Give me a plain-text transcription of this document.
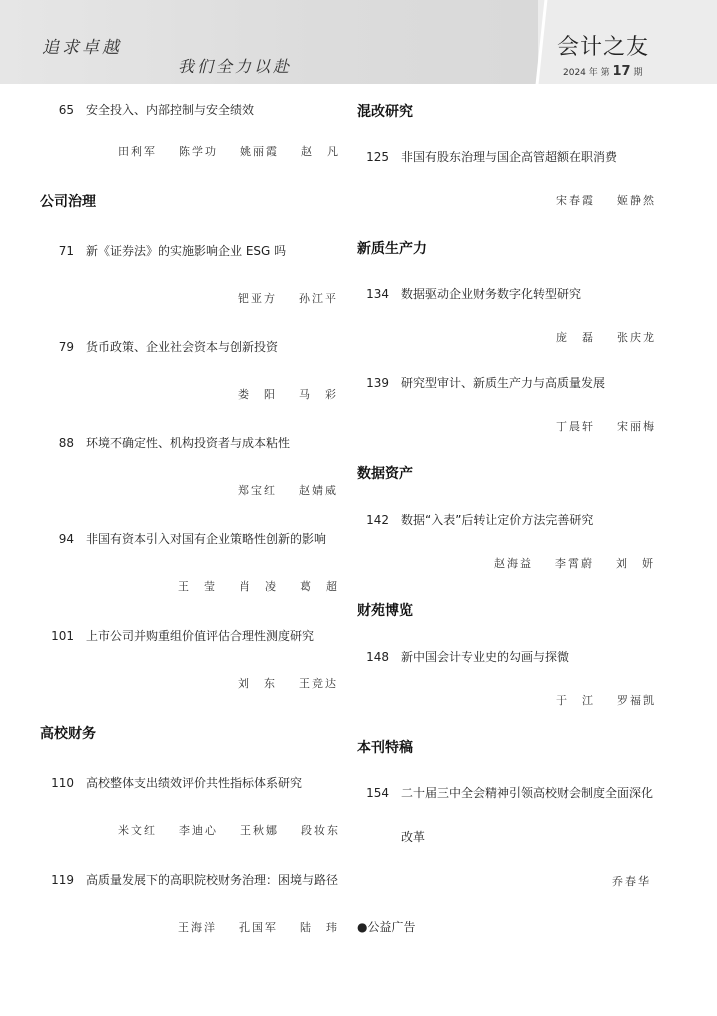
追求卓越
我们全力以赴
会计之友
2024 年 第 17 期
65 安全投入、内部控制与安全绩效
田利军 陈学功 姚丽霞 赵　凡
公司治理
71 新《证券法》的实施影响企业 ESG 吗
钯亚方 孙江平
79 货币政策、企业社会资本与创新投资
娄　阳 马　彩
88 环境不确定性、机构投资者与成本粘性
郑宝红 赵婧威
94 非国有资本引入对国有企业策略性创新的影响
王　莹 肖　凌 葛　超
101 上市公司并购重组价值评估合理性测度研究
刘　东 王竞达
高校财务
110 高校整体支出绩效评价共性指标体系研究
米文红 李迪心 王秋娜 段妆东
119 高质量发展下的高职院校财务治理：困境与路径
王海洋 孔国军 陆　玮
混改研究
125 非国有股东治理与国企高管超额在职消费
宋春霞 姬静然
新质生产力
134 数据驱动企业财务数字化转型研究
庞　磊 张庆龙
139 研究型审计、新质生产力与高质量发展
丁晨轩 宋丽梅
数据资产
142 数据“入表”后转让定价方法完善研究
赵海益 李霄蔚 刘　妍
财苑博览
148 新中国会计专业史的勾画与探微
于　江 罗福凯
本刊特稿
154 二十届三中全会精神引领高校财会制度全面深化
改革
乔春华
●公益广告
